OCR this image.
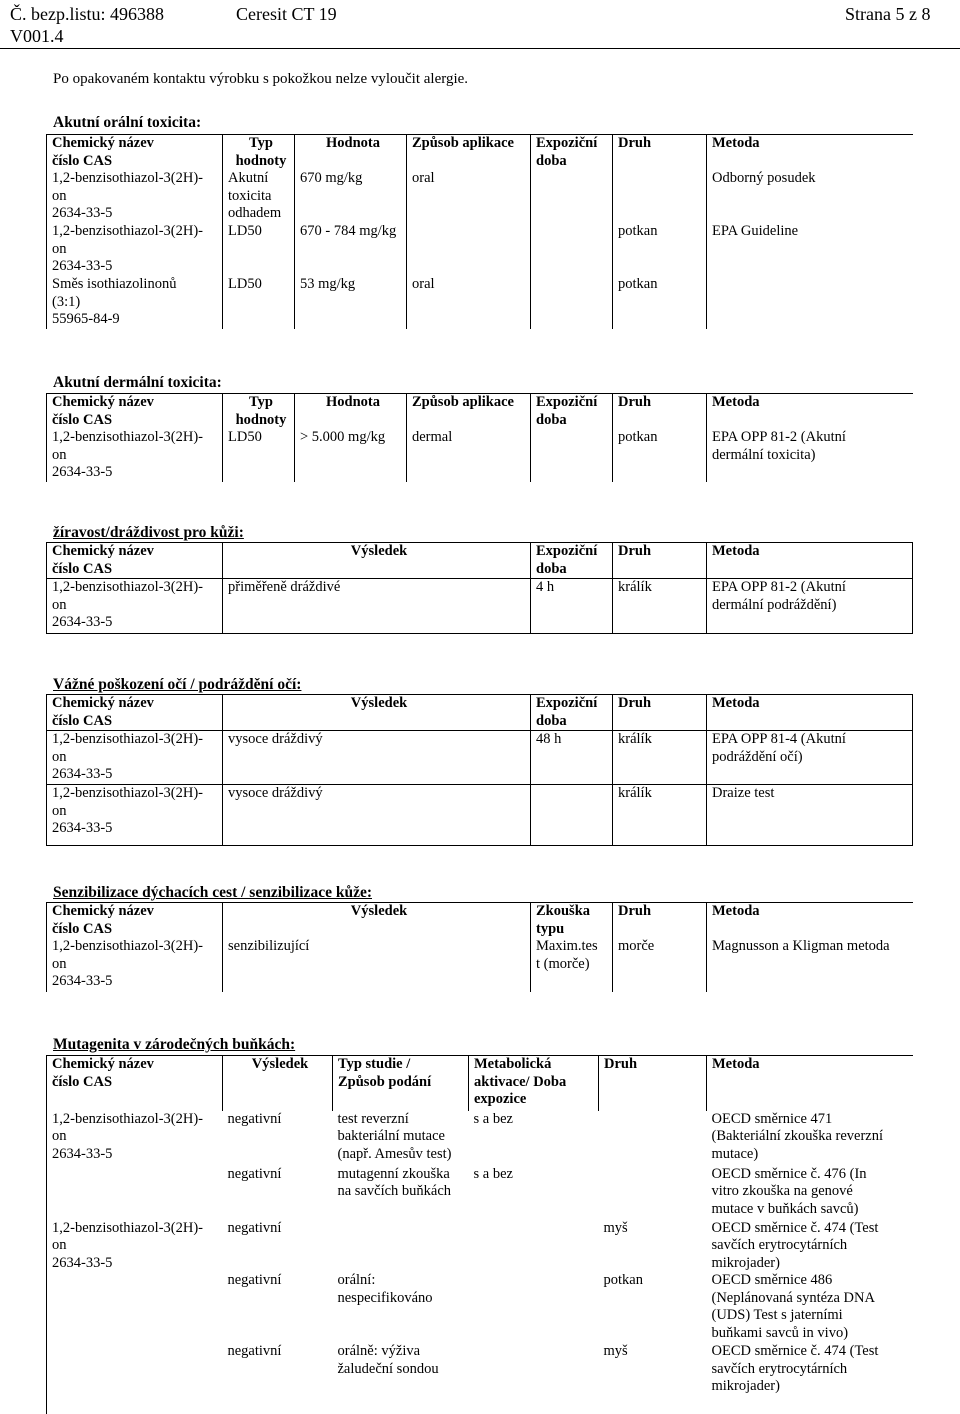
Č. bezp.listu: 496388
V001.4
Ceresit CT 19	Strana 5 z 8
Po opakovaném kontaktu výrobku s pokožkou nelze vyloučit alergie.
Akutní orální toxicita:
Chemický název
číslo CAS	Typ
hodnoty	Hodnota	Způsob aplikace	Expoziční
doba	Druh	Metoda
1,2-benzisothiazol-3(2H)-
on
2634-33-5	Akutní
toxicita
odhadem	670 mg/kg	oral			Odborný posudek
1,2-benzisothiazol-3(2H)-
on
2634-33-5	LD50	670 - 784 mg/kg			potkan	EPA Guideline
Směs isothiazolinonů
(3:1)
55965-84-9	LD50	53 mg/kg	oral		potkan	
Akutní dermální toxicita:
Chemický název
číslo CAS	Typ
hodnoty	Hodnota	Způsob aplikace	Expoziční
doba	Druh	Metoda
1,2-benzisothiazol-3(2H)-
on
2634-33-5	LD50	> 5.000 mg/kg	dermal		potkan	EPA OPP 81-2 (Akutní
dermální toxicita)
žíravost/dráždivost pro kůži:
Chemický název
číslo CAS	Výsledek	Expoziční
doba	Druh	Metoda
1,2-benzisothiazol-3(2H)-
on
2634-33-5	přiměřeně dráždivé	4 h	králík	EPA OPP 81-2 (Akutní
dermální podráždění)
Vážné poškození očí / podráždění očí:
Chemický název
číslo CAS	Výsledek	Expoziční
doba	Druh	Metoda
1,2-benzisothiazol-3(2H)-
on
2634-33-5	vysoce dráždivý	48 h	králík	EPA OPP 81-4 (Akutní
podráždění očí)
1,2-benzisothiazol-3(2H)-
on
2634-33-5	vysoce dráždivý		králík	Draize test
Senzibilizace dýchacích cest / senzibilizace kůže:
Chemický název
číslo CAS	Výsledek	Zkouška
typu	Druh	Metoda
1,2-benzisothiazol-3(2H)-
on
2634-33-5	senzibilizující	Maxim.tes
t (morče)	morče	Magnusson a Kligman metoda
Mutagenita v zárodečných buňkách:
Chemický název
číslo CAS	Výsledek	Typ studie /
Způsob podání	Metabolická
aktivace/ Doba
expozice	Druh	Metoda
1,2-benzisothiazol-3(2H)-
on
2634-33-5	negativní	test reverzní
bakteriální mutace
(např. Amesův test)	s a bez		OECD směrnice 471
(Bakteriální zkouška reverzní
mutace)
	negativní	mutagenní zkouška
na savčích buňkách	s a bez		OECD směrnice č. 476 (In
vitro zkouška na genové
mutace v buňkách savců)
1,2-benzisothiazol-3(2H)-
on
2634-33-5	negativní			myš	OECD směrnice č. 474 (Test
savčích erytrocytárních
mikrojader)
	negativní	orální:
nespecifikováno		potkan	OECD směrnice 486
(Neplánovaná syntéza DNA
(UDS) Test s jaterními
buňkami savců in vivo)
	negativní	orálně: výživa
žaludeční sondou		myš	OECD směrnice č. 474 (Test
savčích erytrocytárních
mikrojader)
